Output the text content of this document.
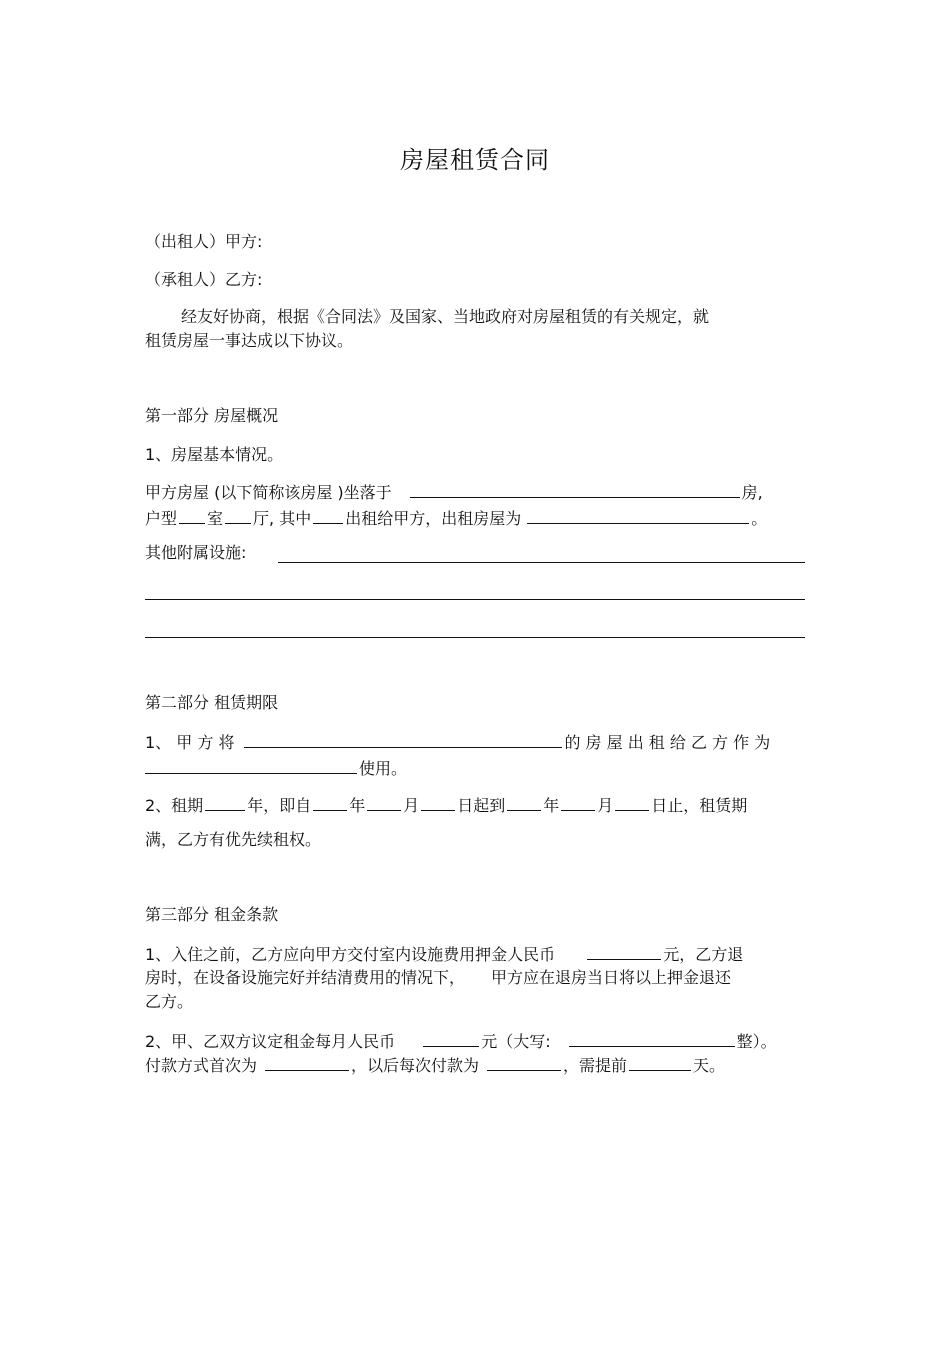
房屋租赁合同
（出租人）甲方:
（承租人）乙方:
经友好协商，根据《合同法》及国家、当地政府对房屋租赁的有关规定，就
租赁房屋一事达成以下协议。
第一部分 房屋概况
1、房屋基本情况。
甲方房屋 (以下简称该房屋 )坐落于	房,
户型 室 厅, 其中 出租给甲方，出租房屋为	。
其他附属设施:
第二部分 租赁期限
1、 甲 方 将	的 房 屋 出 租 给 乙 方 作 为
使用。
2、租期	年，即自 年 月 日起到 年 月 日止，租赁期
满，乙方有优先续租权。
第三部分 租金条款
1、入住之前，乙方应向甲方交付室内设施费用押金人民币	元，乙方退
房时，在设备设施完好并结清费用的情况下， 甲方应在退房当日将以上押金退还
乙方。
2、甲、乙双方议定租金每月人民币	元（大写:	整）。
付款方式首次为	，以后每次付款为	，需提前	天。
